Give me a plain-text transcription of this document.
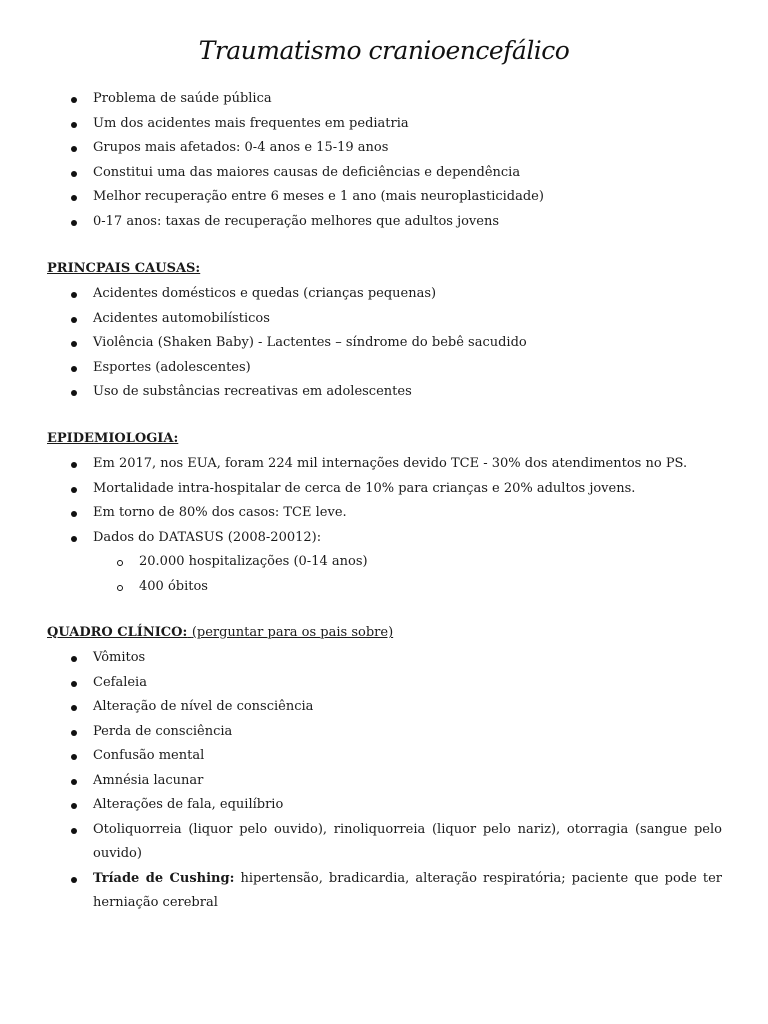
Traumatismo cranioencefálico
Problema de saúde pública
Um dos acidentes mais frequentes em pediatria
Grupos mais afetados: 0-4 anos e 15-19 anos
Constitui uma das maiores causas de deficiências e dependência
Melhor recuperação entre 6 meses e 1 ano (mais neuroplasticidade)
0-17 anos: taxas de recuperação melhores que adultos jovens
PRINCPAIS CAUSAS:
Acidentes domésticos e quedas (crianças pequenas)
Acidentes automobilísticos
Violência (Shaken Baby) - Lactentes – síndrome do bebê sacudido
Esportes (adolescentes)
Uso de substâncias recreativas em adolescentes
EPIDEMIOLOGIA:
Em 2017, nos EUA, foram 224 mil internações devido TCE - 30% dos atendimentos no PS.
Mortalidade intra-hospitalar de cerca de 10% para crianças e 20% adultos jovens.
Em torno de 80% dos casos: TCE leve.
Dados do DATASUS (2008-20012):
20.000 hospitalizações (0-14 anos)
400 óbitos
QUADRO CLÍNICO: (perguntar para os pais sobre)
Vômitos
Cefaleia
Alteração de nível de consciência
Perda de consciência
Confusão mental
Amnésia lacunar
Alterações de fala, equilíbrio
Otoliquorreia (liquor pelo ouvido), rinoliquorreia (liquor pelo nariz), otorragia (sangue pelo ouvido)
Tríade de Cushing: hipertensão, bradicardia, alteração respiratória; paciente que pode ter herniação cerebral
